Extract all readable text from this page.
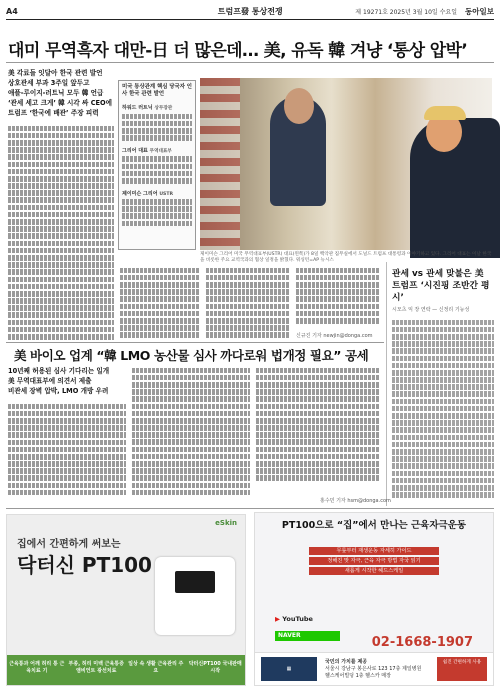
A4	트럼프發 통상전쟁	제 19271호 2025년 3월 10일 수요일 동아일보
대미 무역흑자 대만-日 더 많은데… 美, 유독 韓 겨냥 ‘통상 압박’
美 각료들 잇달아 한국 관련 발언
상호관세 부과 3주일 앞두고
애플-루이지-러트닉 모두 韓 언급
‘관세 세고 크게’ 韓 시각 싸 CEO에
트럼프 ‘한국에 배관’ 주장 피력
미국 통상관계 핵심 당국자 인사 한국 관련 발언
하워드 러트닉 상무장관
그리어 대표 무역대표부
제이미슨 그리어 USTR
제이미슨 그리어 미국 무역대표부(USTR) 대표(왼쪽)가 8일 백악관 집무실에서 도널드 트럼프 대통령과 이야기하고 있다. 그리어 대표는 이날 한국을 비롯한 주요 교역국과의 협상 일정을 밝혔다. 워싱턴=AP 뉴시스
신규진 기자 newjin@donga.com
관세 vs 관세 맞불은 美 트럼프 ‘시진핑 조반간 평시’
시모츠 익 장 연락 — 신정리 기능성
美 바이오 업계 “韓 LMO 농산물 심사 까다로워 법개정 필요” 공세
10년째 허용된 심사 기다리는 일개
美 무역대표부에 의견서 제출
비관세 장벽 압박, LMO 개방 우려
홍수민 기자 hsm@donga.com
eSkin
집에서 간편하게 써보는
닥터신 PT100
근육통과 어깨 허리 통 근육치료 기
부종, 허리 미백 근육통증 앰비언트 광선치료
일상 속 생활 근육관리 주요
닥터신PT100 국내판매 시작
PT100으로 “집”에서 만나는 근육자극운동
무릎부터 재생운동 자세히 가이드
정해진 맞 자극, 근육 자극 방법 자국 읽기
새롭게 시작한 헤드스케일
▶ YouTube
NAVER	02-1668-1907
▦
국민의 가치를 제공
서울시 강남구 봉은사로 123 17층 제일병원헬스케어빌딩 1층 헬스카 매장
쉽진 간편하게 사용
